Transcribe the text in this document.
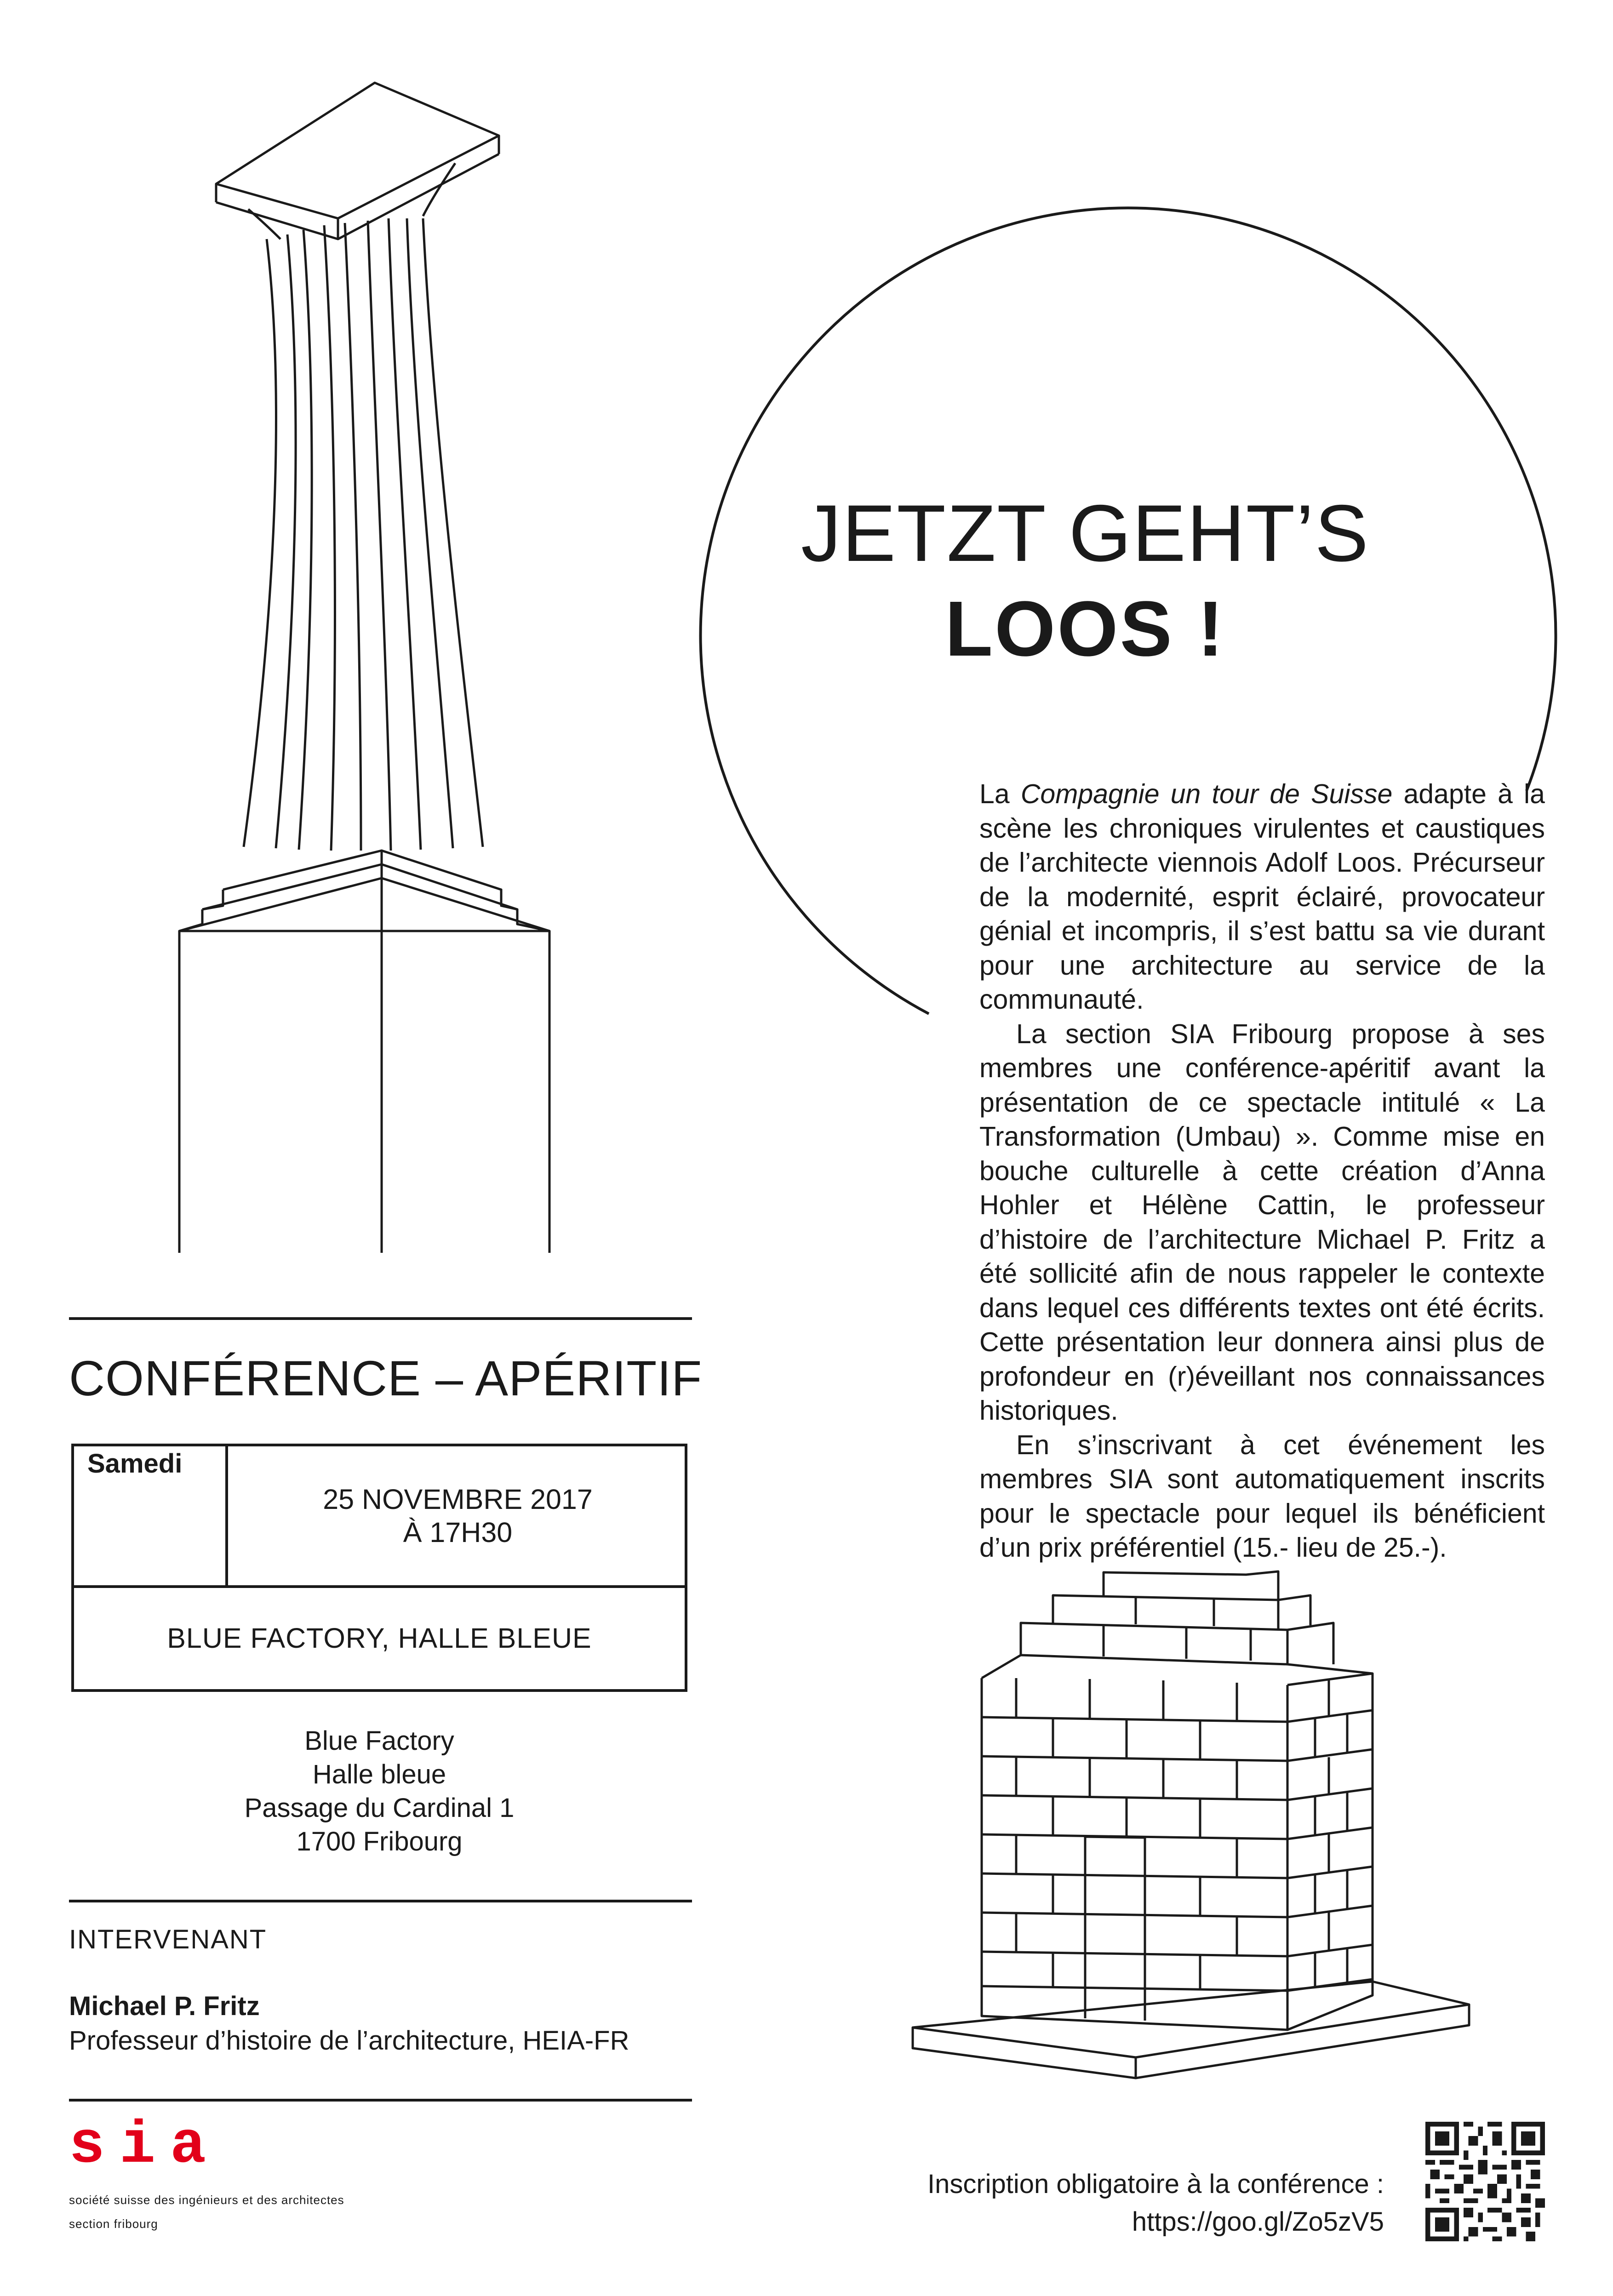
JETZT GEHT’S
LOOS !

La Compagnie un tour de Suisse adapte à la scène les chroniques virulentes et caustiques de l’architecte viennois Adolf Loos. Précurseur de la modernité, esprit éclairé, provocateur génial et incompris, il s’est battu sa vie durant pour une architecture au service de la communauté.

La section SIA Fribourg propose à ses membres une conférence-apéritif avant la présentation de ce spectacle intitulé « La Transformation (Umbau) ». Comme mise en bouche culturelle à cette création d’Anna Hohler et Hélène Cattin, le professeur d’histoire de l’architecture Michael P. Fritz a été sollicité afin de nous rappeler le contexte dans lequel ces différents textes ont été écrits. Cette présentation leur donnera ainsi plus de profondeur en (r)éveillant nos connaissances historiques.

En s’inscrivant à cet événement les membres SIA sont automatiquement inscrits pour le spectacle pour lequel ils bénéficient d’un prix préférentiel (15.- lieu de 25.-).

CONFÉRENCE – APÉRITIF
Samedi
25 NOVEMBRE 2017
À 17H30
BLUE FACTORY, HALLE BLEUE
Blue Factory
Halle bleue
Passage du Cardinal 1
1700 Fribourg
INTERVENANT
Michael P. Fritz
Professeur d’histoire de l’architecture, HEIA-FR
sia
société suisse des ingénieurs et des architectes
section fribourg
Inscription obligatoire à la conférence :
https://goo.gl/Zo5zV5
